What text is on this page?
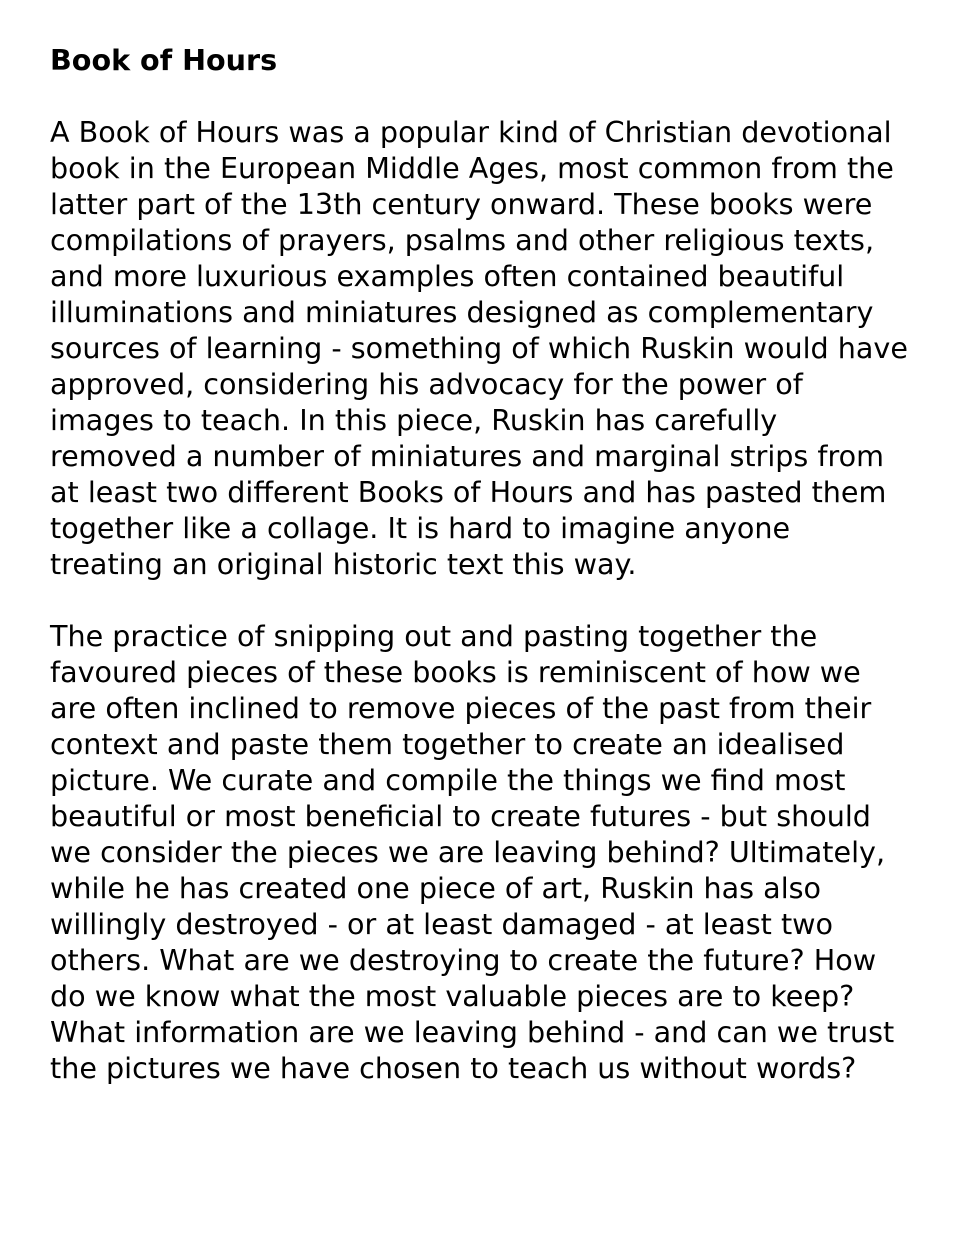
Book of Hours

A Book of Hours was a popular kind of Christian devotional book in the European Middle Ages, most common from the latter part of the 13th century onward. These books were compilations of prayers, psalms and other religious texts, and more luxurious examples often contained beautiful illuminations and miniatures designed as complementary sources of learning - something of which Ruskin would have approved, considering his advocacy for the power of images to teach. In this piece, Ruskin has carefully removed a number of miniatures and marginal strips from at least two different Books of Hours and has pasted them together like a collage. It is hard to imagine anyone treating an original historic text this way.

The practice of snipping out and pasting together the favoured pieces of these books is reminiscent of how we are often inclined to remove pieces of the past from their context and paste them together to create an idealised picture. We curate and compile the things we find most beautiful or most beneficial to create futures - but should we consider the pieces we are leaving behind? Ultimately, while he has created one piece of art, Ruskin has also willingly destroyed - or at least damaged - at least two others. What are we destroying to create the future? How do we know what the most valuable pieces are to keep? What information are we leaving behind - and can we trust the pictures we have chosen to teach us without words?
